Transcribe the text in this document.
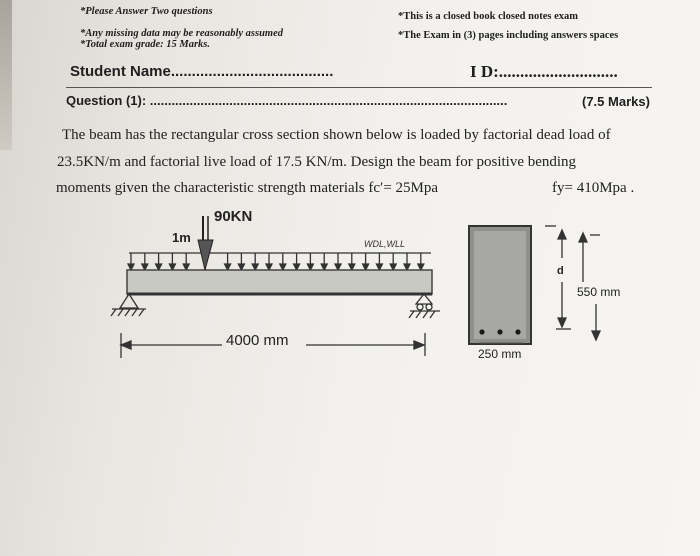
*Please Answer Two questions
*Any missing data may be reasonably assumed
*Total exam grade: 15 Marks.
*This is a closed book closed notes exam
*The Exam in (3) pages including answers spaces
Student Name.......................................	I D:............................
Question (1): ...................................................................................................	(7.5 Marks)
The beam has the rectangular cross section shown below is loaded by factorial dead load of
23.5KN/m and factorial live load of 17.5 KN/m. Design the beam for positive bending
moments given the characteristic strength materials fc′= 25Mpa	fy= 410Mpa .
90KN
1m	WDL,WLL
4000 mm
250 mm
d
550 mm
